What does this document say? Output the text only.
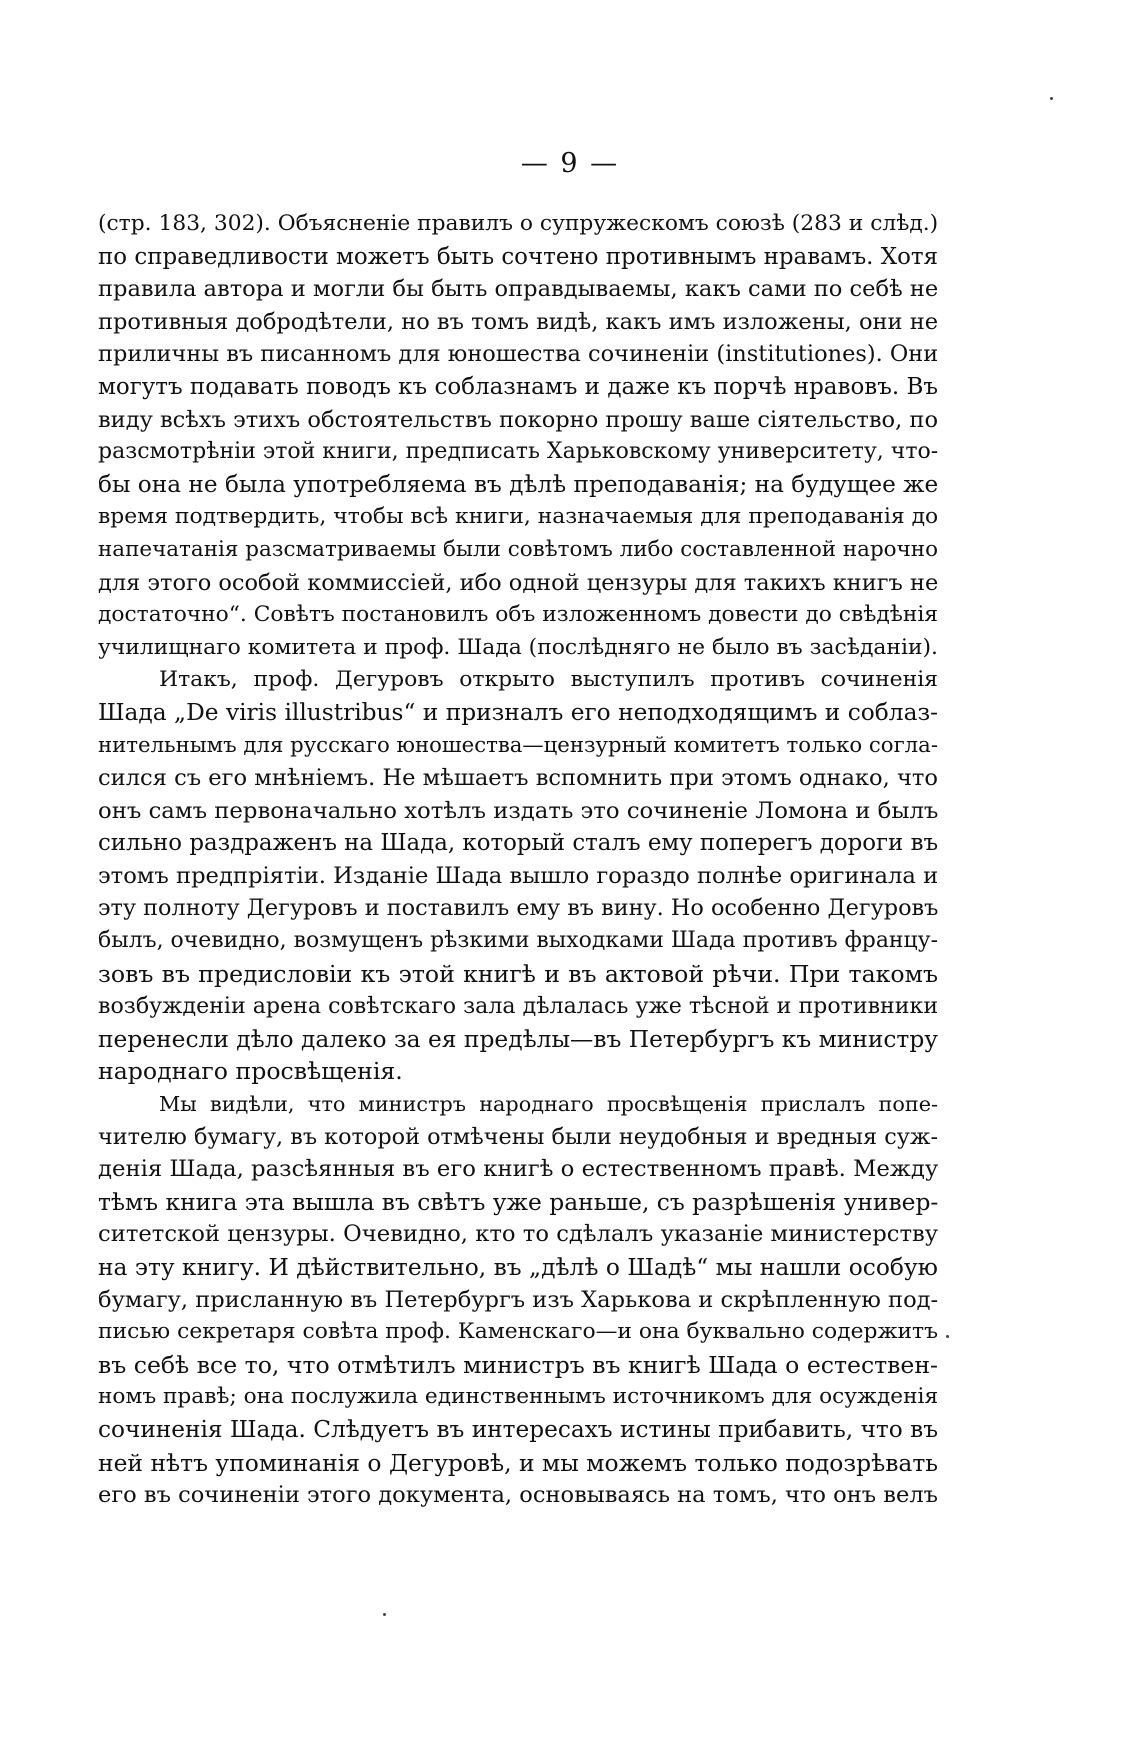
— 9 —
(стр. 183, 302). Объясненіе правилъ о супружескомъ союзѣ (283 и слѣд.)
по справедливости можетъ быть сочтено противнымъ нравамъ. Хотя
правила автора и могли бы быть оправдываемы, какъ сами по себѣ не
противныя добродѣтели, но въ томъ видѣ, какъ имъ изложены, они не
приличны въ писанномъ для юношества сочиненіи (institutiones). Они
могутъ подавать поводъ къ соблазнамъ и даже къ порчѣ нравовъ. Въ
виду всѣхъ этихъ обстоятельствъ покорно прошу ваше сіятельство, по
разсмотрѣніи этой книги, предписать Харьковскому университету, что-
бы она не была употребляема въ дѣлѣ преподаванія; на будущее же
время подтвердить, чтобы всѣ книги, назначаемыя для преподаванія до
напечатанія разсматриваемы были совѣтомъ либо составленной нарочно
для этого особой коммиссіей, ибо одной цензуры для такихъ книгъ не
достаточно“. Совѣтъ постановилъ объ изложенномъ довести до свѣдѣнія
училищнаго комитета и проф. Шада (послѣдняго не было въ засѣданіи).
Итакъ, проф. Дегуровъ открыто выступилъ противъ сочиненія
Шада „De viris illustribus“ и призналъ его неподходящимъ и соблаз-
нительнымъ для русскаго юношества—цензурный комитетъ только согла-
сился съ его мнѣніемъ. Не мѣшаетъ вспомнить при этомъ однако, что
онъ самъ первоначально хотѣлъ издать это сочиненіе Ломона и былъ
сильно раздраженъ на Шада, который сталъ ему поперегъ дороги въ
этомъ предпріятіи. Изданіе Шада вышло гораздо полнѣе оригинала и
эту полноту Дегуровъ и поставилъ ему въ вину. Но особенно Дегуровъ
былъ, очевидно, возмущенъ рѣзкими выходками Шада противъ францу-
зовъ въ предисловіи къ этой книгѣ и въ актовой рѣчи. При такомъ
возбужденіи арена совѣтскаго зала дѣлалась уже тѣсной и противники
перенесли дѣло далеко за ея предѣлы—въ Петербургъ къ министру
народнаго просвѣщенія.
Мы видѣли, что министръ народнаго просвѣщенія прислалъ попе-
чителю бумагу, въ которой отмѣчены были неудобныя и вредныя суж-
денія Шада, разсѣянныя въ его книгѣ о естественномъ правѣ. Между
тѣмъ книга эта вышла въ свѣтъ уже раньше, съ разрѣшенія универ-
ситетской цензуры. Очевидно, кто то сдѣлалъ указаніе министерству
на эту книгу. И дѣйствительно, въ „дѣлѣ о Шадѣ“ мы нашли особую
бумагу, присланную въ Петербургъ изъ Харькова и скрѣпленную под-
писью секретаря совѣта проф. Каменскаго—и она буквально содержитъ
въ себѣ все то, что отмѣтилъ министръ въ книгѣ Шада о естествен-
номъ правѣ; она послужила единственнымъ источникомъ для осужденія
сочиненія Шада. Слѣдуетъ въ интересахъ истины прибавить, что въ
ней нѣтъ упоминанія о Дегуровѣ, и мы можемъ только подозрѣвать
его въ сочиненіи этого документа, основываясь на томъ, что онъ велъ
